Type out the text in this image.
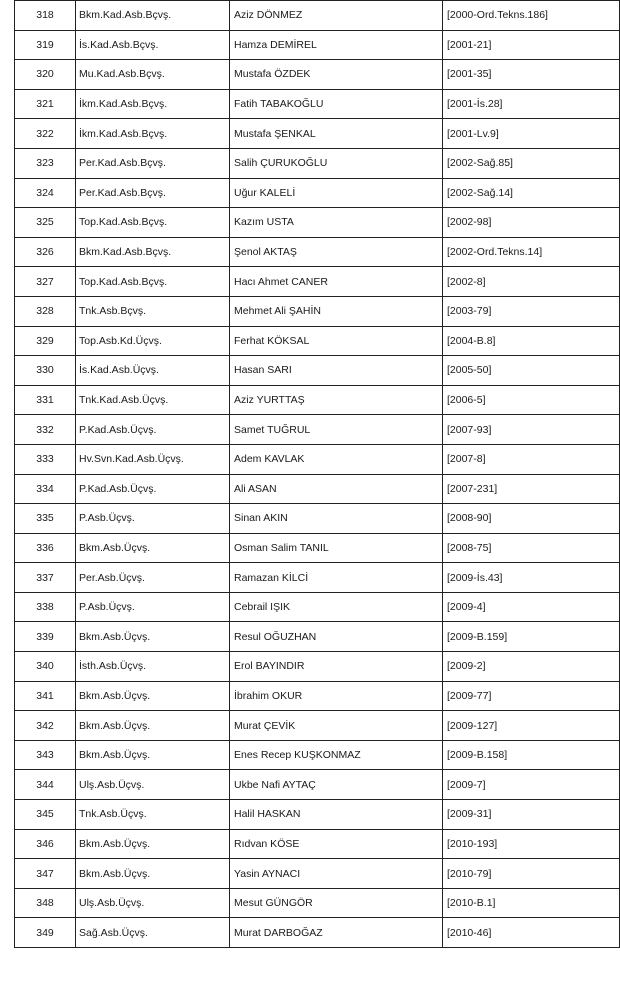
318	Bkm.Kad.Asb.Bçvş.	Aziz DÖNMEZ	[2000-Ord.Tekns.186]
319	İs.Kad.Asb.Bçvş.	Hamza DEMİREL	[2001-21]
320	Mu.Kad.Asb.Bçvş.	Mustafa ÖZDEK	[2001-35]
321	İkm.Kad.Asb.Bçvş.	Fatih TABAKOĞLU	[2001-İs.28]
322	İkm.Kad.Asb.Bçvş.	Mustafa ŞENKAL	[2001-Lv.9]
323	Per.Kad.Asb.Bçvş.	Salih ÇURUKOĞLU	[2002-Sağ.85]
324	Per.Kad.Asb.Bçvş.	Uğur KALELİ	[2002-Sağ.14]
325	Top.Kad.Asb.Bçvş.	Kazım USTA	[2002-98]
326	Bkm.Kad.Asb.Bçvş.	Şenol AKTAŞ	[2002-Ord.Tekns.14]
327	Top.Kad.Asb.Bçvş.	Hacı Ahmet CANER	[2002-8]
328	Tnk.Asb.Bçvş.	Mehmet Ali ŞAHİN	[2003-79]
329	Top.Asb.Kd.Üçvş.	Ferhat KÖKSAL	[2004-B.8]
330	İs.Kad.Asb.Üçvş.	Hasan SARI	[2005-50]
331	Tnk.Kad.Asb.Üçvş.	Aziz YURTTAŞ	[2006-5]
332	P.Kad.Asb.Üçvş.	Samet TUĞRUL	[2007-93]
333	Hv.Svn.Kad.Asb.Üçvş.	Adem KAVLAK	[2007-8]
334	P.Kad.Asb.Üçvş.	Ali ASAN	[2007-231]
335	P.Asb.Üçvş.	Sinan AKIN	[2008-90]
336	Bkm.Asb.Üçvş.	Osman Salim TANIL	[2008-75]
337	Per.Asb.Üçvş.	Ramazan KİLCİ	[2009-İs.43]
338	P.Asb.Üçvş.	Cebrail IŞIK	[2009-4]
339	Bkm.Asb.Üçvş.	Resul OĞUZHAN	[2009-B.159]
340	İsth.Asb.Üçvş.	Erol BAYINDIR	[2009-2]
341	Bkm.Asb.Üçvş.	İbrahim OKUR	[2009-77]
342	Bkm.Asb.Üçvş.	Murat ÇEVİK	[2009-127]
343	Bkm.Asb.Üçvş.	Enes Recep KUŞKONMAZ	[2009-B.158]
344	Ulş.Asb.Üçvş.	Ukbe Nafi AYTAÇ	[2009-7]
345	Tnk.Asb.Üçvş.	Halil HASKAN	[2009-31]
346	Bkm.Asb.Üçvş.	Rıdvan KÖSE	[2010-193]
347	Bkm.Asb.Üçvş.	Yasin AYNACI	[2010-79]
348	Ulş.Asb.Üçvş.	Mesut GÜNGÖR	[2010-B.1]
349	Sağ.Asb.Üçvş.	Murat DARBOĞAZ	[2010-46]
